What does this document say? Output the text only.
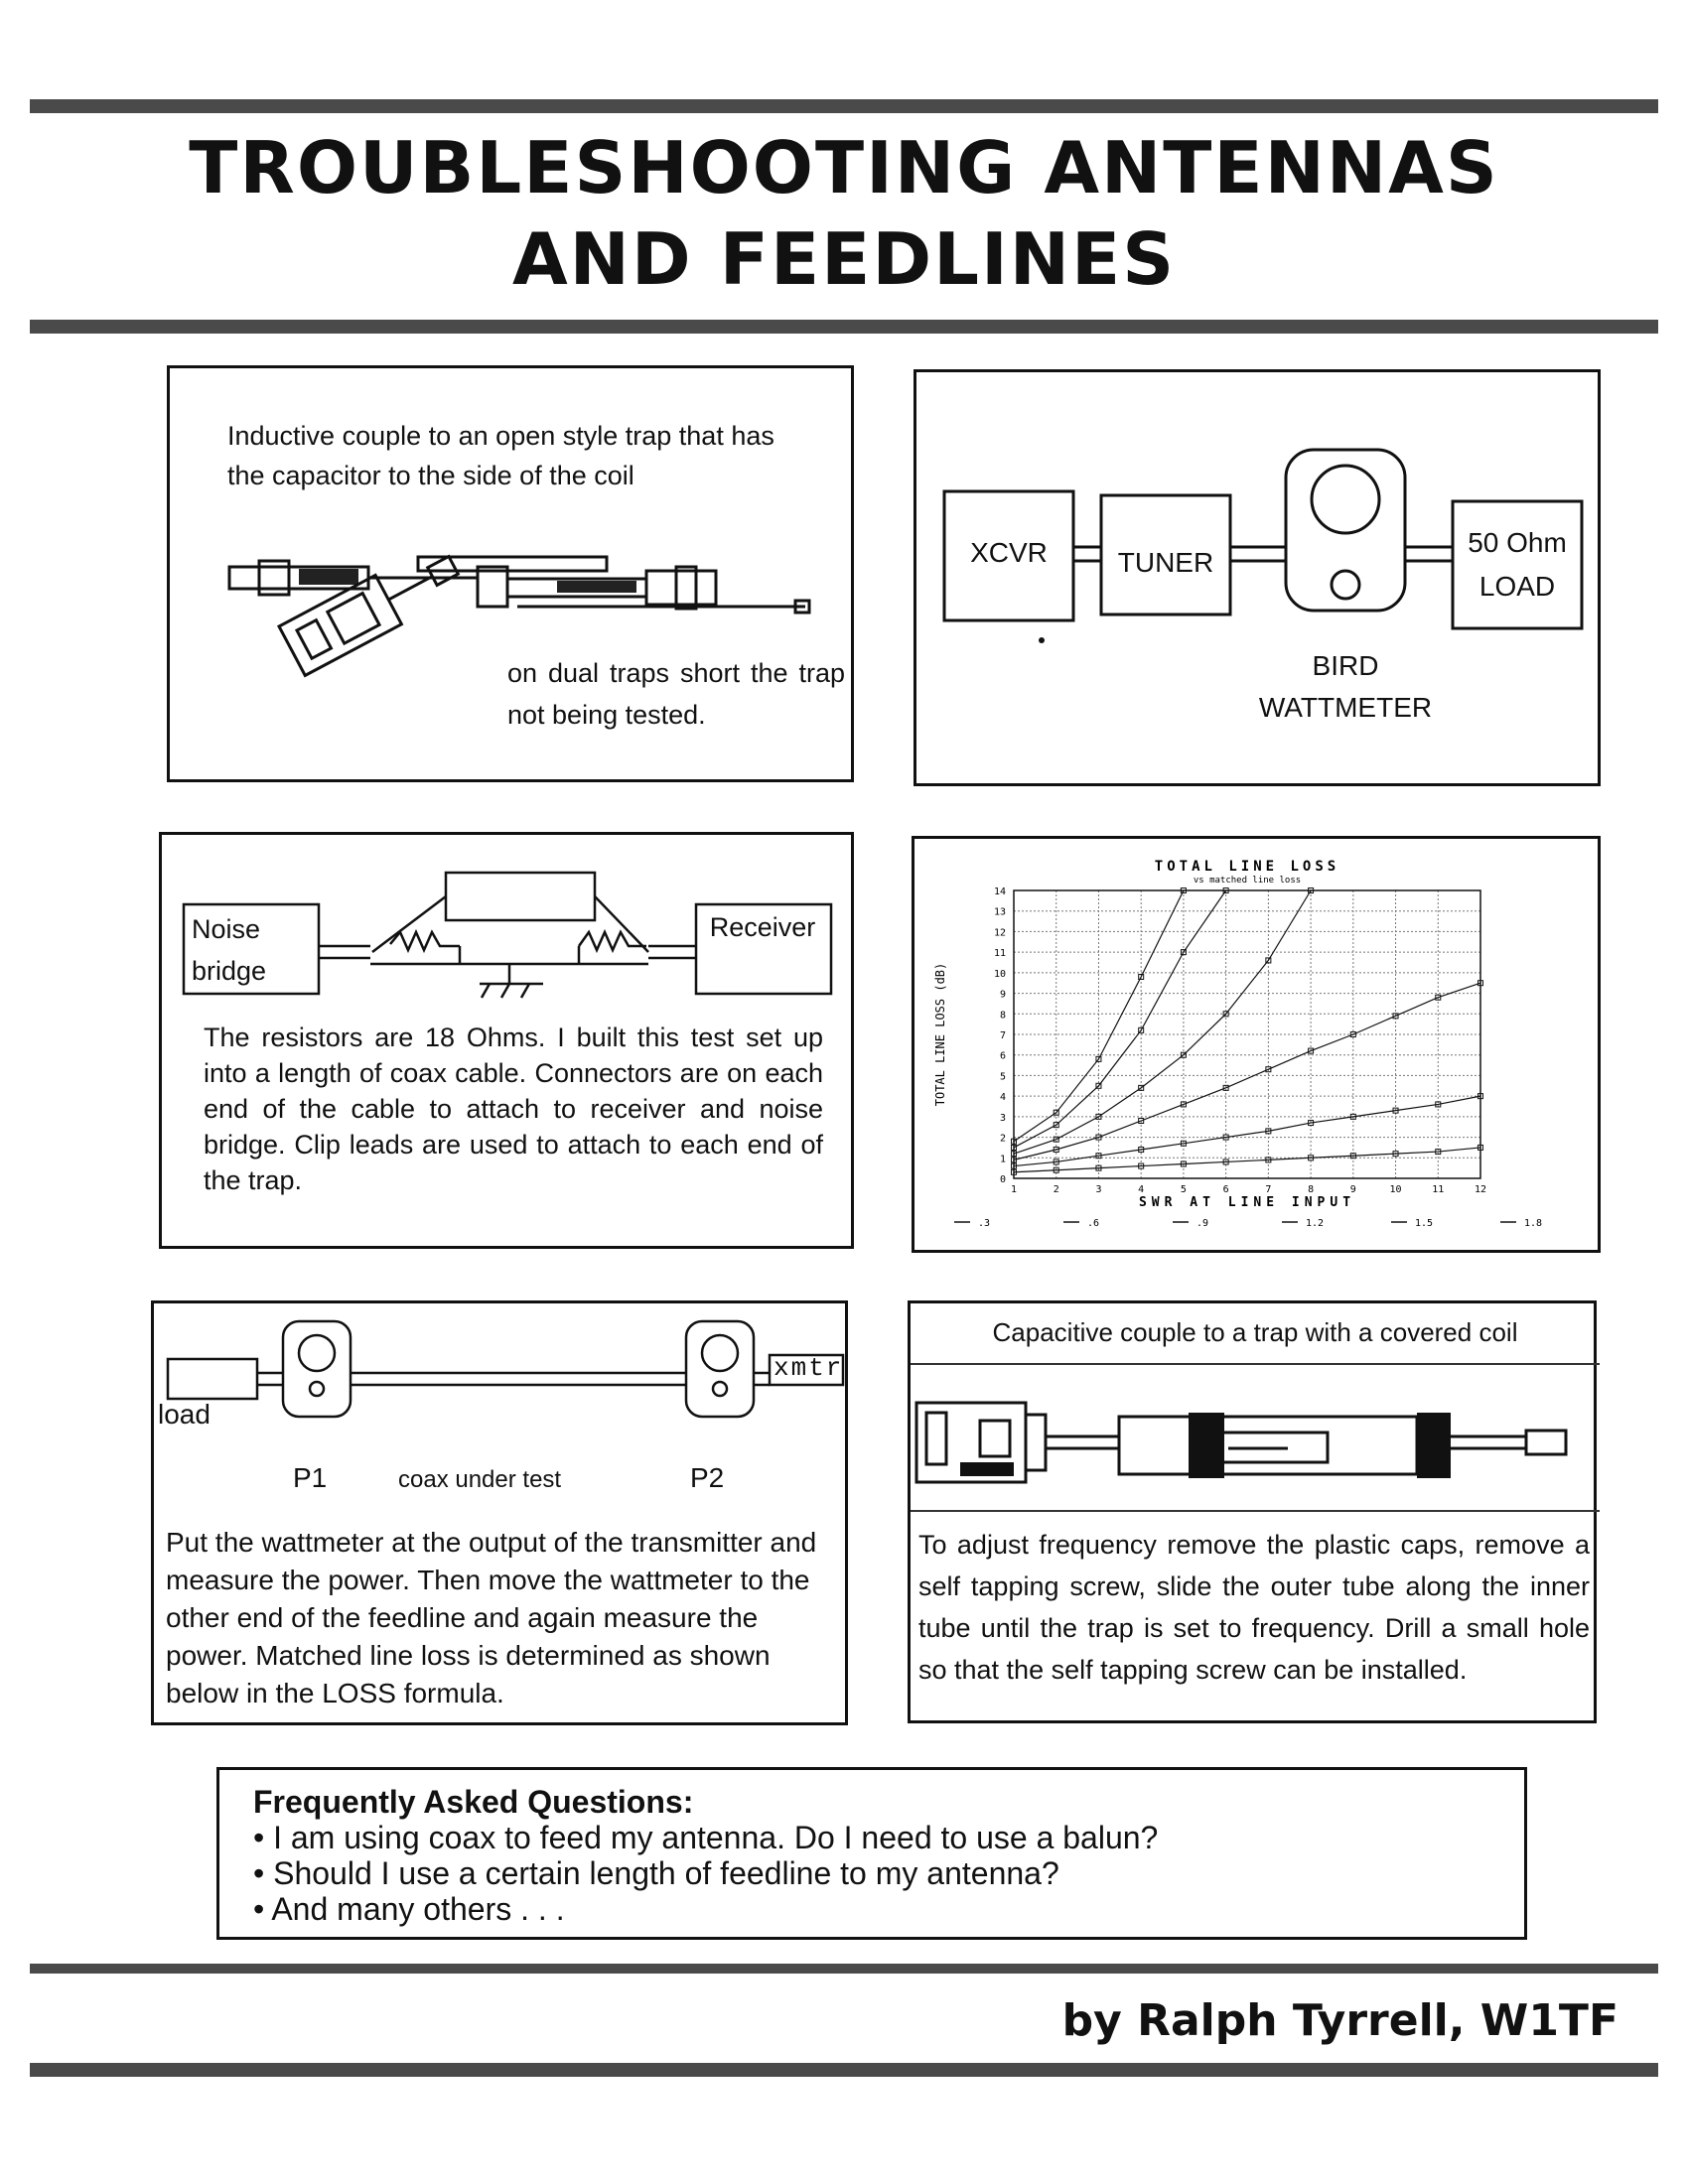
TROUBLESHOOTING ANTENNAS
AND FEEDLINES
Inductive couple to an open style trap that has the capacitor to the side of the coil
on dual traps short the trap not being tested.
XCVR	TUNER
50 Ohm LOAD
BIRD
WATTMETER
Noise bridge
Receiver
The resistors are 18 Ohms. I built this test set up into a length of coax cable. Connectors are on each end of the cable to attach to receiver and noise bridge. Clip leads are used to attach to each end of the trap.	1	2	3	4	5	6	7	8	9	10	11	12
0
1
2
3
4
5
6
7
8
9
10
11
12
13
14
TOTAL LINE LOSS
vs matched line loss
SWR AT LINE INPUT
TOTAL LINE LOSS (dB)
.3	.6	.9	1.2	1.5	1.8
load
xmtr
P1	coax under test	P2
Put the wattmeter at the output of the transmitter and measure the power. Then move the wattmeter to the other end of the feedline and again measure the power. Matched line loss is determined as shown below in the LOSS formula.
Capacitive couple to a trap with a covered coil
To adjust frequency remove the plastic caps, remove a self tapping screw, slide the outer tube along the inner tube until the trap is set to frequency. Drill a small hole so that the self tapping screw can be installed.
Frequently Asked Questions:
• I am using coax to feed my antenna. Do I need to use a balun?
• Should I use a certain length of feedline to my antenna?
• And many others . . .
by Ralph Tyrrell, W1TF
